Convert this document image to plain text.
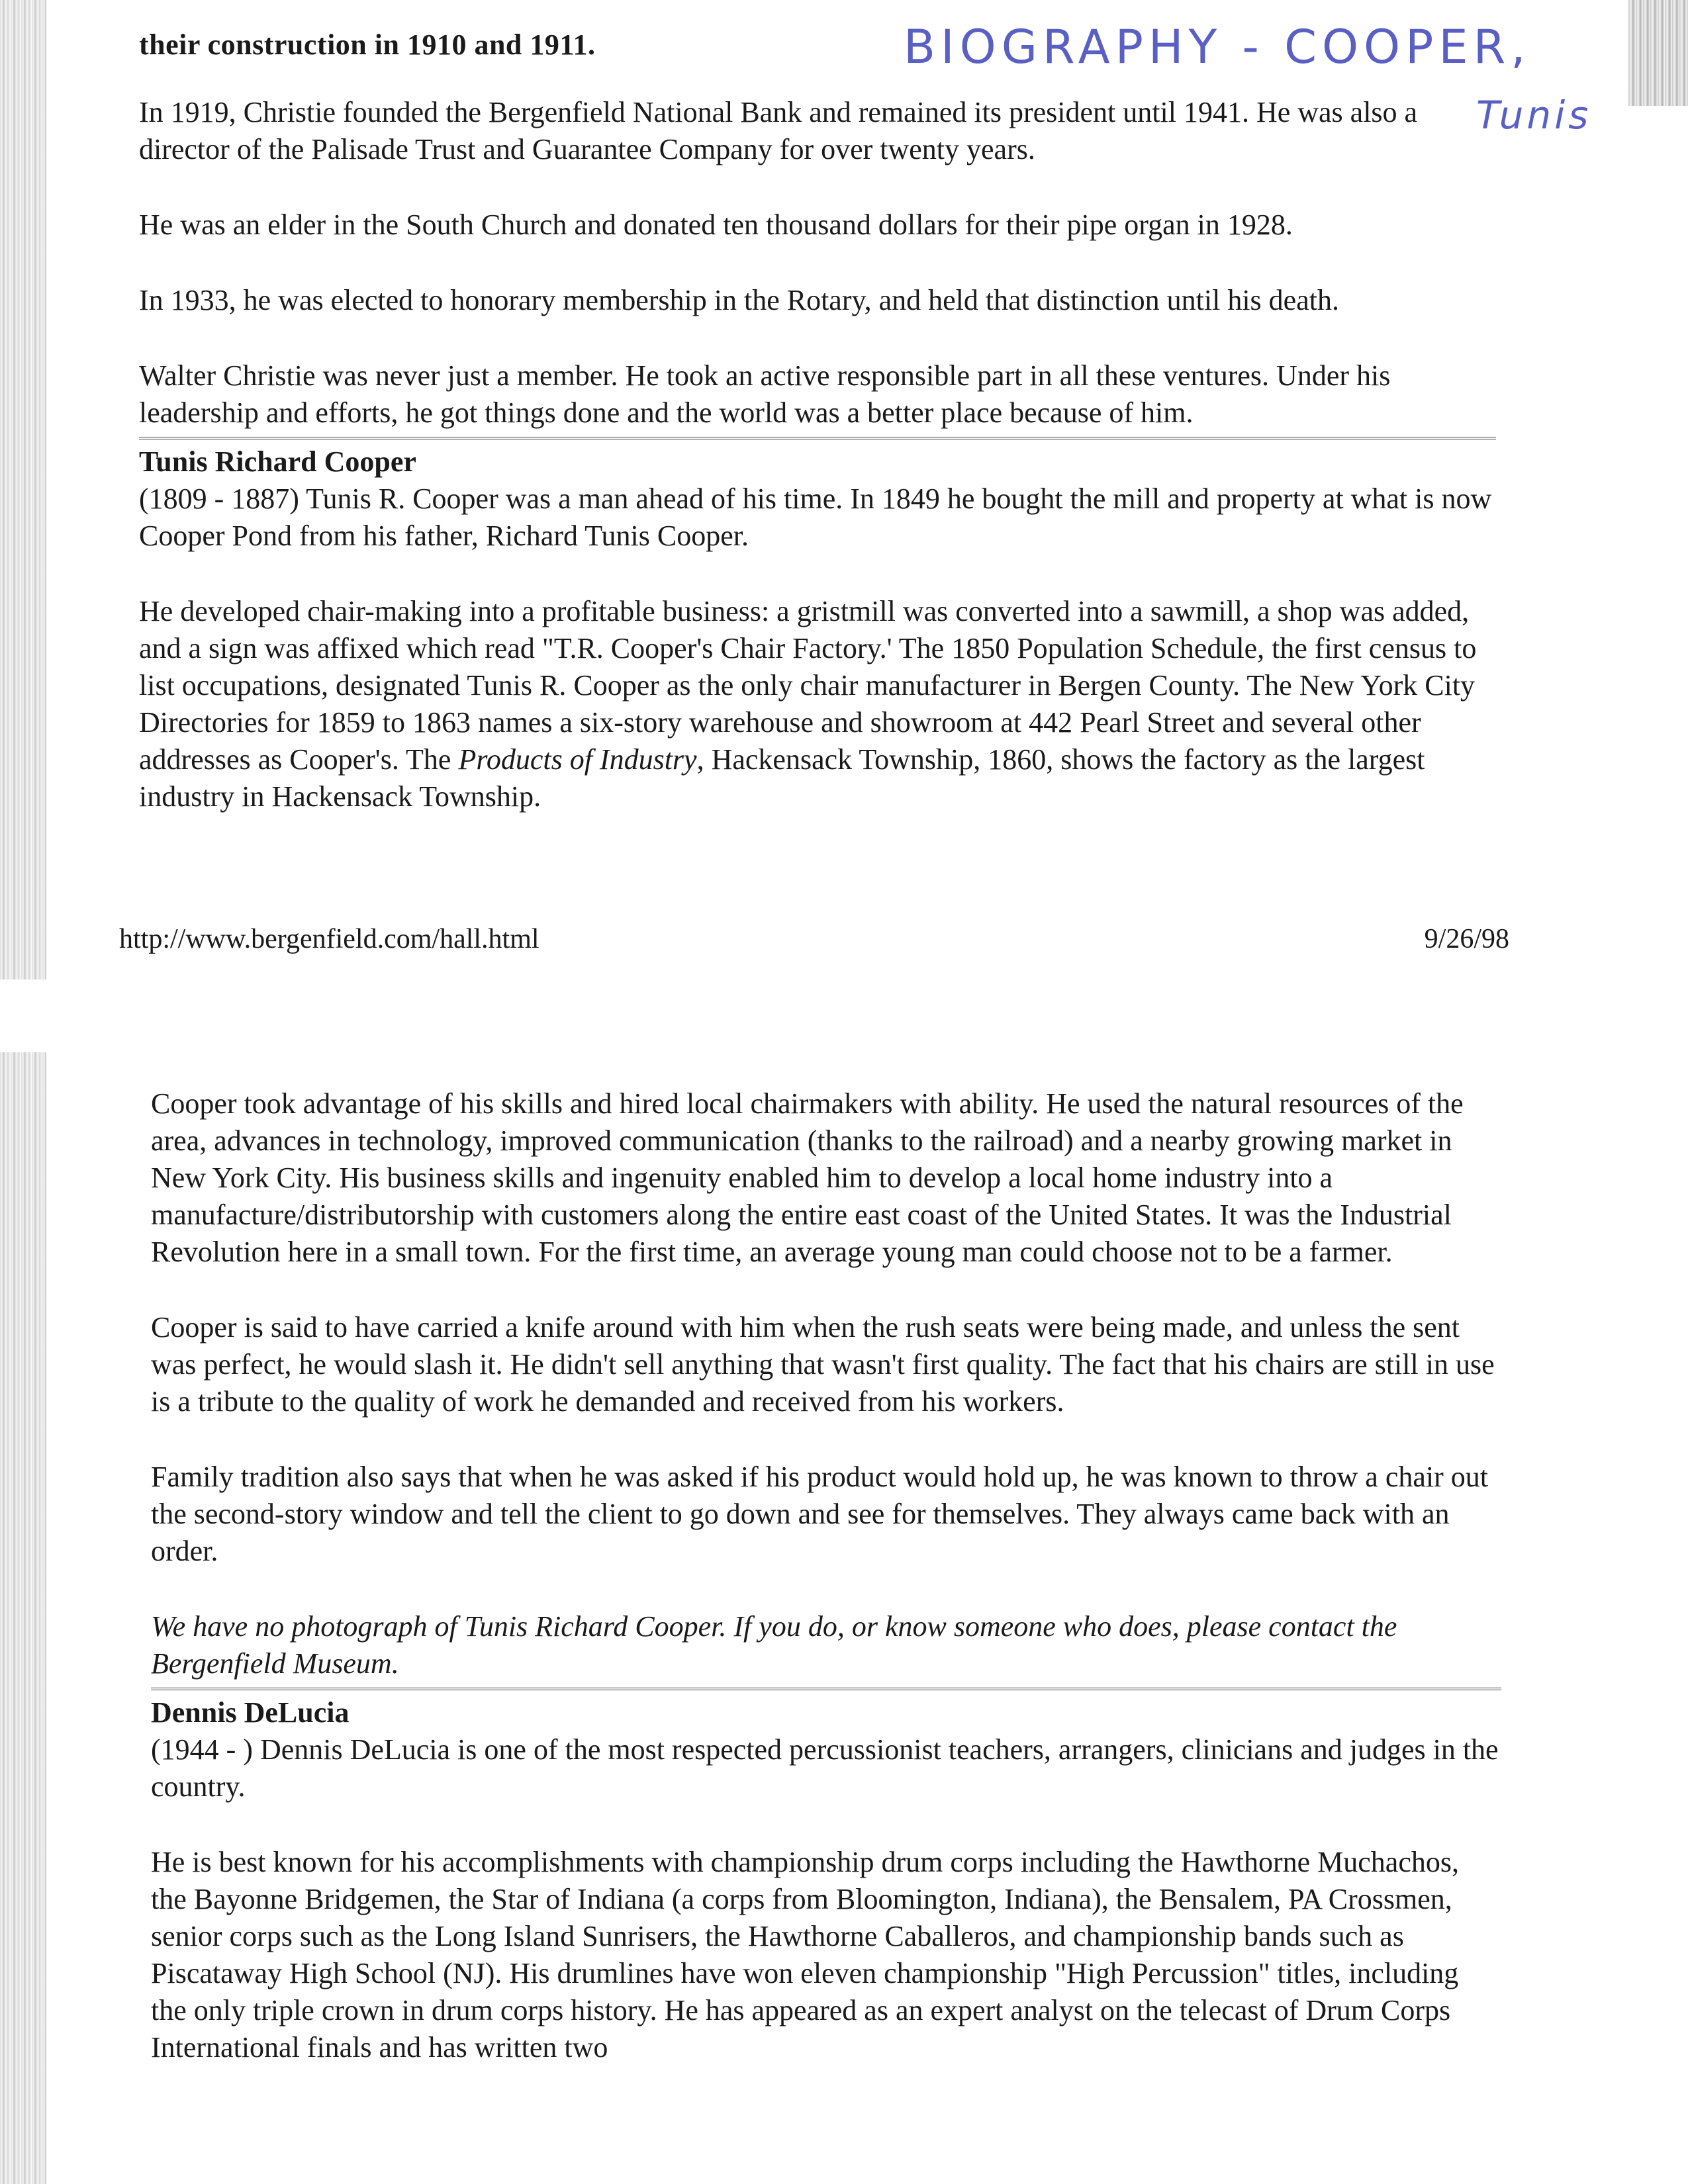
BIOGRAPHY - COOPER,
Tunis

their construction in 1910 and 1911.

In 1919, Christie founded the Bergenfield National Bank and remained its president until 1941. He was also a director of the Palisade Trust and Guarantee Company for over twenty years.

He was an elder in the South Church and donated ten thousand dollars for their pipe organ in 1928.

In 1933, he was elected to honorary membership in the Rotary, and held that distinction until his death.

Walter Christie was never just a member. He took an active responsible part in all these ventures. Under his leadership and efforts, he got things done and the world was a better place because of him.

Tunis Richard Cooper

(1809 - 1887) Tunis R. Cooper was a man ahead of his time. In 1849 he bought the mill and property at what is now Cooper Pond from his father, Richard Tunis Cooper.

He developed chair-making into a profitable business: a gristmill was converted into a sawmill, a shop was added, and a sign was affixed which read "T.R. Cooper's Chair Factory.' The 1850 Population Schedule, the first census to list occupations, designated Tunis R. Cooper as the only chair manufacturer in Bergen County. The New York City Directories for 1859 to 1863 names a six-story warehouse and showroom at 442 Pearl Street and several other addresses as Cooper's. The Products of Industry, Hackensack Township, 1860, shows the factory as the largest industry in Hackensack Township.

http://www.bergenfield.com/hall.html	9/26/98

Cooper took advantage of his skills and hired local chairmakers with ability. He used the natural resources of the area, advances in technology, improved communication (thanks to the railroad) and a nearby growing market in New York City. His business skills and ingenuity enabled him to develop a local home industry into a manufacture/distributorship with customers along the entire east coast of the United States. It was the Industrial Revolution here in a small town. For the first time, an average young man could choose not to be a farmer.

Cooper is said to have carried a knife around with him when the rush seats were being made, and unless the sent was perfect, he would slash it. He didn't sell anything that wasn't first quality. The fact that his chairs are still in use is a tribute to the quality of work he demanded and received from his workers.

Family tradition also says that when he was asked if his product would hold up, he was known to throw a chair out the second-story window and tell the client to go down and see for themselves. They always came back with an order.

We have no photograph of Tunis Richard Cooper. If you do, or know someone who does, please contact the Bergenfield Museum.

Dennis DeLucia

(1944 - ) Dennis DeLucia is one of the most respected percussionist teachers, arrangers, clinicians and judges in the country.

He is best known for his accomplishments with championship drum corps including the Hawthorne Muchachos, the Bayonne Bridgemen, the Star of Indiana (a corps from Bloomington, Indiana), the Bensalem, PA Crossmen, senior corps such as the Long Island Sunrisers, the Hawthorne Caballeros, and championship bands such as Piscataway High School (NJ). His drumlines have won eleven championship "High Percussion" titles, including the only triple crown in drum corps history. He has appeared as an expert analyst on the telecast of Drum Corps International finals and has written two
